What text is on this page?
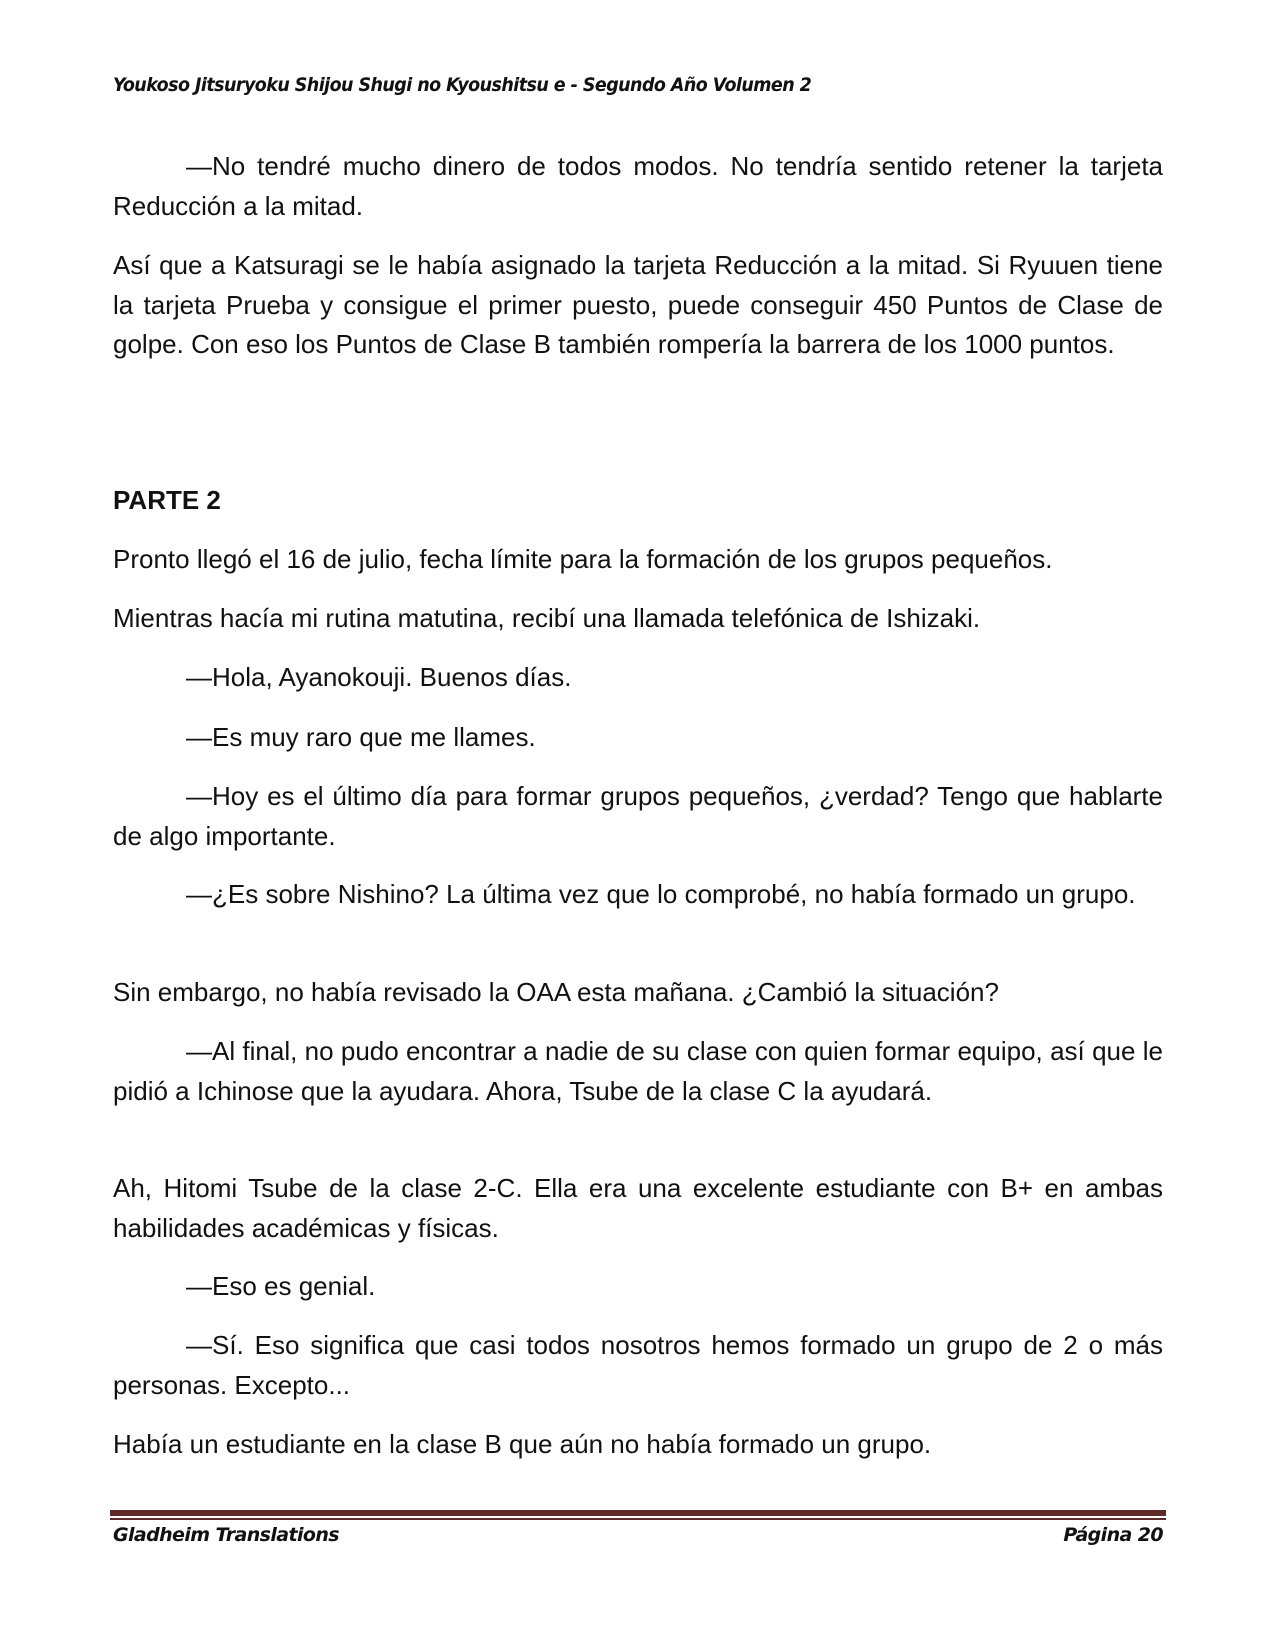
Youkoso Jitsuryoku Shijou Shugi no Kyoushitsu e - Segundo Año Volumen 2

—No tendré mucho dinero de todos modos. No tendría sentido retener la tarjeta Reducción a la mitad.

Así que a Katsuragi se le había asignado la tarjeta Reducción a la mitad. Si Ryuuen tiene la tarjeta Prueba y consigue el primer puesto, puede conseguir 450 Puntos de Clase de golpe. Con eso los Puntos de Clase B también rompería la barrera de los 1000 puntos.

PARTE 2

Pronto llegó el 16 de julio, fecha límite para la formación de los grupos pequeños.

Mientras hacía mi rutina matutina, recibí una llamada telefónica de Ishizaki.

—Hola, Ayanokouji. Buenos días.

—Es muy raro que me llames.

—Hoy es el último día para formar grupos pequeños, ¿verdad? Tengo que hablarte de algo importante.

—¿Es sobre Nishino? La última vez que lo comprobé, no había formado un grupo.

Sin embargo, no había revisado la OAA esta mañana. ¿Cambió la situación?

—Al final, no pudo encontrar a nadie de su clase con quien formar equipo, así que le pidió a Ichinose que la ayudara. Ahora, Tsube de la clase C la ayudará.

Ah, Hitomi Tsube de la clase 2-C. Ella era una excelente estudiante con B+ en ambas habilidades académicas y físicas.

—Eso es genial.

—Sí. Eso significa que casi todos nosotros hemos formado un grupo de 2 o más personas. Excepto...

Había un estudiante en la clase B que aún no había formado un grupo.

Gladheim Translations	Página 20
